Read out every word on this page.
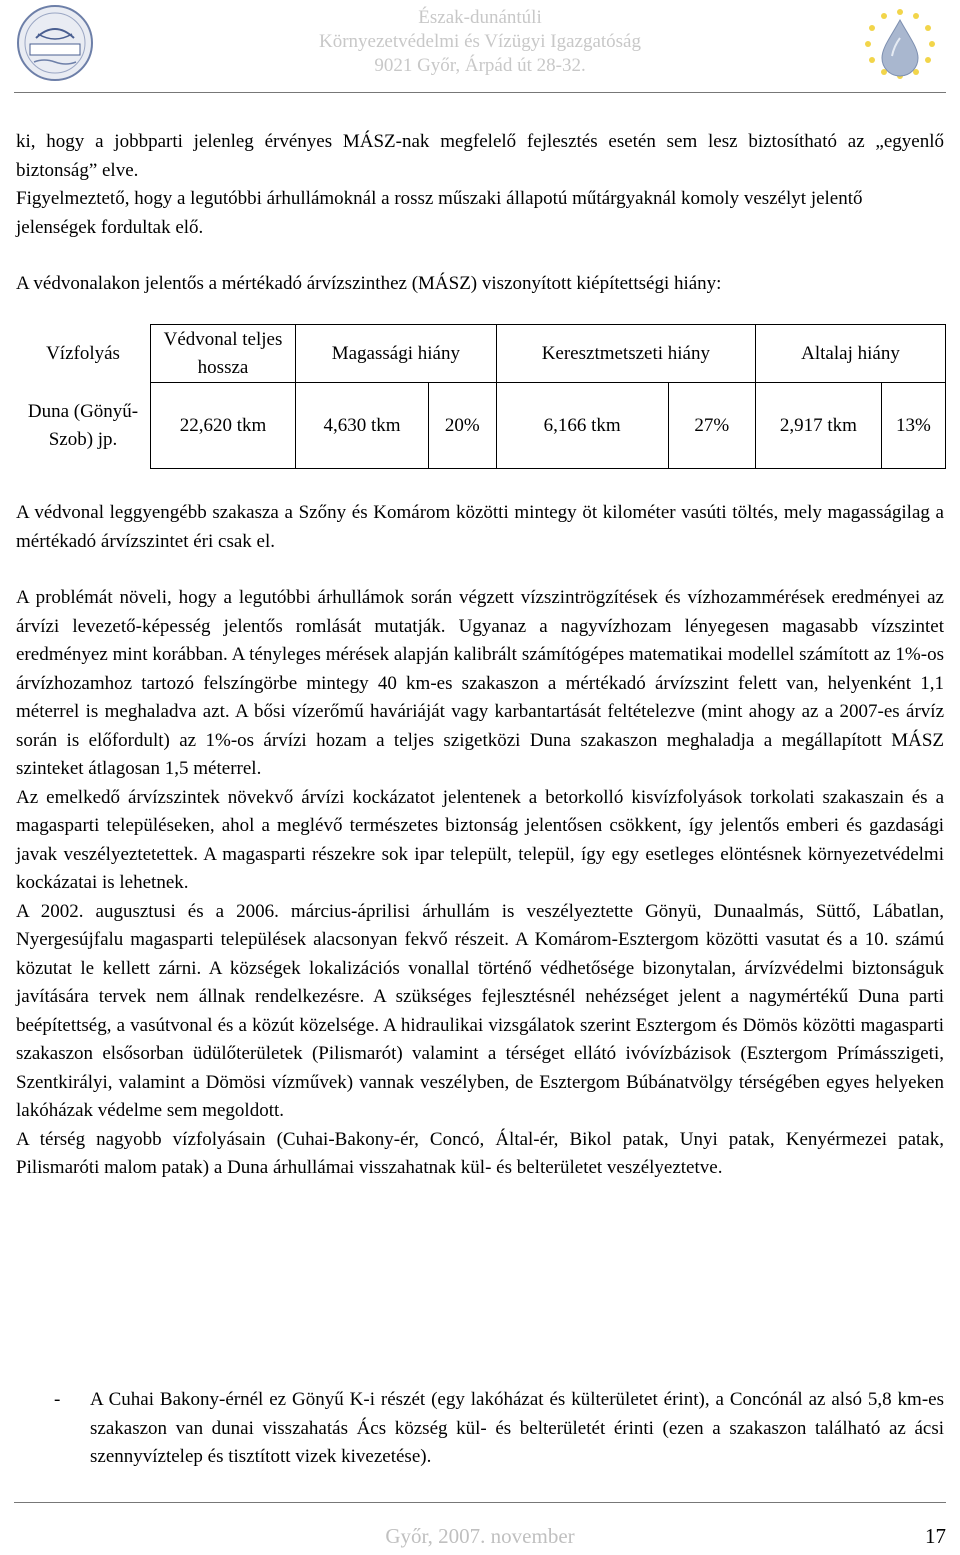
Észak-dunántúli
Környezetvédelmi és Vízügyi Igazgatóság
9021 Győr, Árpád út 28-32.

ki, hogy a jobbparti jelenleg érvényes MÁSZ-nak megfelelő fejlesztés esetén sem lesz biztosítható az „egyenlő biztonság” elve.

Figyelmeztető, hogy a legutóbbi árhullámoknál a rossz műszaki állapotú műtárgyaknál komoly veszélyt jelentő jelenségek fordultak elő.

A védvonalakon jelentős a mértékadó árvízszinthez (MÁSZ) viszonyított kiépítettségi hiány:

Vízfolyás	Védvonal teljes hossza	Magassági hiány		Keresztmetszeti hiány		Altalaj hiány	
Duna (Gönyű-Szob) jp.	22,620 tkm	4,630 tkm	20%	6,166 tkm	27%	2,917 tkm	13%

A védvonal leggyengébb szakasza a Szőny és Komárom közötti mintegy öt kilométer vasúti töltés, mely magasságilag a mértékadó árvízszintet éri csak el.

A problémát növeli, hogy a legutóbbi árhullámok során végzett vízszintrögzítések és vízhozammérések eredményei az árvízi levezető-képesség jelentős romlását mutatják. Ugyanaz a nagyvízhozam lényegesen magasabb vízszintet eredményez mint korábban. A tényleges mérések alapján kalibrált számítógépes matematikai modellel számított az 1%-os árvízhozamhoz tartozó felszíngörbe mintegy 40 km-es szakaszon a mértékadó árvízszint felett van, helyenként 1,1 méterrel is meghaladva azt. A bősi vízerőmű haváriáját vagy karbantartását feltételezve (mint ahogy az a 2007-es árvíz során is előfordult) az 1%-os árvízi hozam a teljes szigetközi Duna szakaszon meghaladja a megállapított MÁSZ szinteket átlagosan 1,5 méterrel.

Az emelkedő árvízszintek növekvő árvízi kockázatot jelentenek a betorkolló kisvízfolyások torkolati szakaszain és a magasparti településeken, ahol a meglévő természetes biztonság jelentősen csökkent, így jelentős emberi és gazdasági javak veszélyeztetettek. A magasparti részekre sok ipar települt, települ, így egy esetleges elöntésnek környezetvédelmi kockázatai is lehetnek.

A 2002. augusztusi és a 2006. március-áprilisi árhullám is veszélyeztette Gönyü, Dunaalmás, Süttő, Lábatlan, Nyergesújfalu magasparti települések alacsonyan fekvő részeit. A Komárom-Esztergom közötti vasutat és a 10. számú közutat le kellett zárni. A községek lokalizációs vonallal történő védhetősége bizonytalan, árvízvédelmi biztonságuk javítására tervek nem állnak rendelkezésre. A szükséges fejlesztésnél nehézséget jelent a nagymértékű Duna parti beépítettség, a vasútvonal és a közút közelsége. A hidraulikai vizsgálatok szerint Esztergom és Dömös közötti magasparti szakaszon elsősorban üdülőterületek (Pilismarót) valamint a térséget ellátó ivóvízbázisok (Esztergom Prímásszigeti, Szentkirályi, valamint a Dömösi vízművek) vannak veszélyben, de Esztergom Búbánatvölgy térségében egyes helyeken lakóházak védelme sem megoldott.

A térség nagyobb vízfolyásain (Cuhai-Bakony-ér, Concó, Által-ér, Bikol patak, Unyi patak, Kenyérmezei patak, Pilismaróti malom patak) a Duna árhullámai visszahatnak kül- és belterületet veszélyeztetve.

- A Cuhai Bakony-érnél ez Gönyű K-i részét (egy lakóházat és külterületet érint), a Concónál az alsó 5,8 km-es szakaszon van dunai visszahatás Ács község kül- és belterületét érinti (ezen a szakaszon található az ácsi szennyvíztelep és tisztított vizek kivezetése).
Győr, 2007. november	17
